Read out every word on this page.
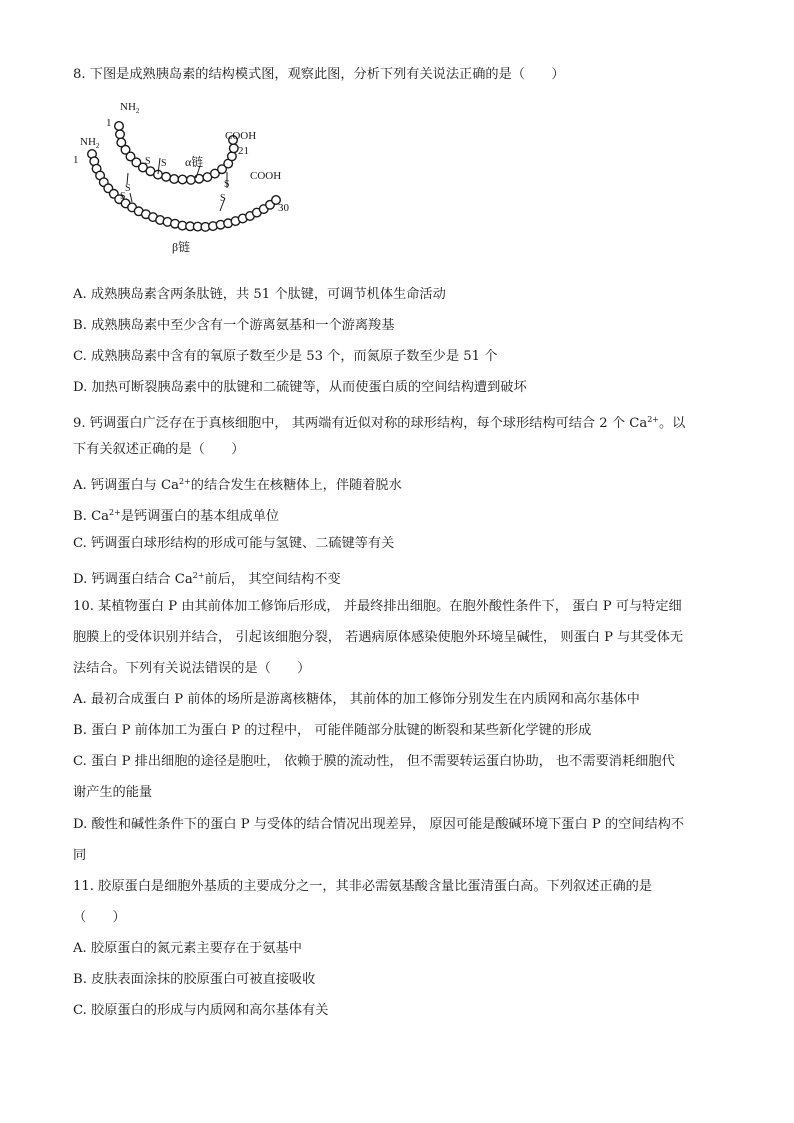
8. 下图是成熟胰岛素的结构模式图，观察此图，分析下列有关说法正确的是（　　）
$NH_2$
1
$NH_2$
1
COOH
21
COOH
30
α链
β链
S S
S
S
S
S
A. 成熟胰岛素含两条肽链，共 51 个肽键，可调节机体生命活动
B. 成熟胰岛素中至少含有一个游离氨基和一个游离羧基
C. 成熟胰岛素中含有的氧原子数至少是 53 个，而氮原子数至少是 51 个
D. 加热可断裂胰岛素中的肽键和二硫键等，从而使蛋白质的空间结构遭到破坏
9. 钙调蛋白广泛存在于真核细胞中， 其两端有近似对称的球形结构，每个球形结构可结合 2 个 $Ca^{2+}$。以
下有关叙述正确的是（　　）
A. 钙调蛋白与 $Ca^{2+}$的结合发生在核糖体上，伴随着脱水
B. $Ca^{2+}$是钙调蛋白的基本组成单位
C. 钙调蛋白球形结构的形成可能与氢键、二硫键等有关
D. 钙调蛋白结合 $Ca^{2+}$前后， 其空间结构不变
10. 某植物蛋白 P 由其前体加工修饰后形成， 并最终排出细胞。在胞外酸性条件下， 蛋白 P 可与特定细
胞膜上的受体识别并结合， 引起该细胞分裂， 若遇病原体感染使胞外环境呈碱性， 则蛋白 P 与其受体无
法结合。下列有关说法错误的是（　　）
A. 最初合成蛋白 P 前体的场所是游离核糖体， 其前体的加工修饰分别发生在内质网和高尔基体中
B. 蛋白 P 前体加工为蛋白 P 的过程中， 可能伴随部分肽键的断裂和某些新化学键的形成
C. 蛋白 P 排出细胞的途径是胞吐， 依赖于膜的流动性， 但不需要转运蛋白协助， 也不需要消耗细胞代
谢产生的能量
D. 酸性和碱性条件下的蛋白 P 与受体的结合情况出现差异， 原因可能是酸碱环境下蛋白 P 的空间结构不
同
11. 胶原蛋白是细胞外基质的主要成分之一，其非必需氨基酸含量比蛋清蛋白高。下列叙述正确的是
（　　）
A. 胶原蛋白的氮元素主要存在于氨基中
B. 皮肤表面涂抹的胶原蛋白可被直接吸收
C. 胶原蛋白的形成与内质网和高尔基体有关
